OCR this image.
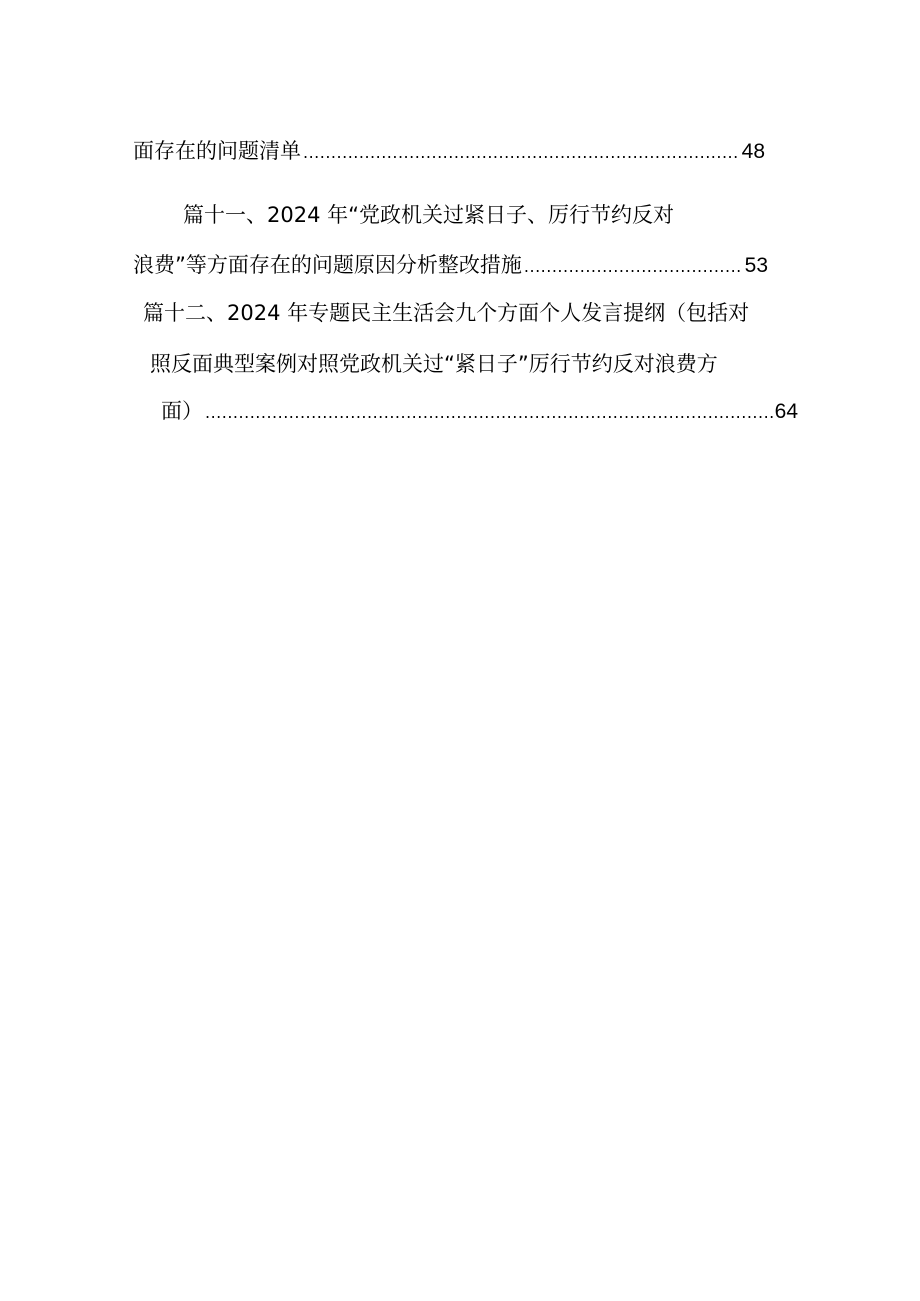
面存在的问题清单 .....	48
篇十一、2024 年“党政机关过紧日子、厉行节约反对
浪费”等方面存在的问题原因分析整改措施 .....	53
篇十二、2024 年专题民主生活会九个方面个人发言提纲（包括对
照反面典型案例对照党政机关过“紧日子”厉行节约反对浪费方
面） .....	64
